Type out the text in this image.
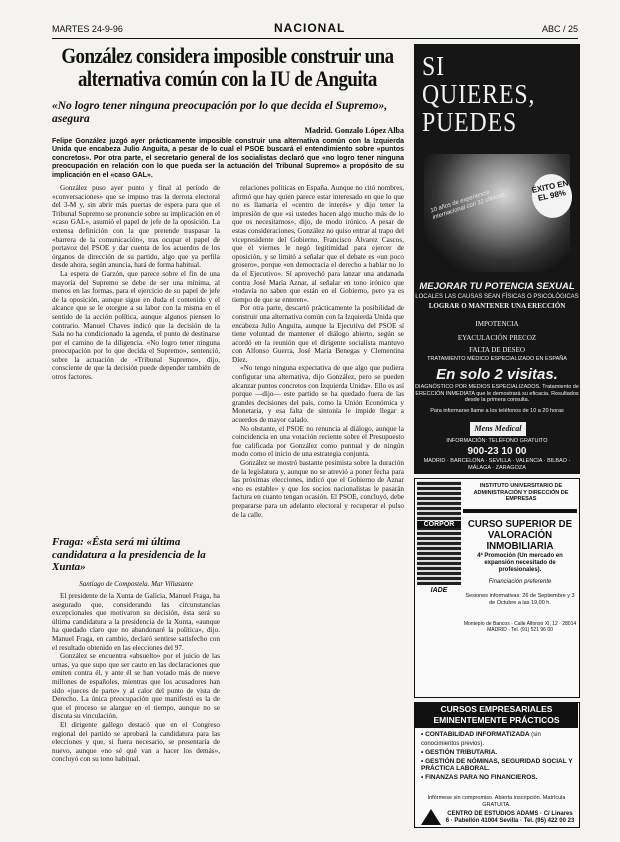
MARTES 24-9-96	NACIONAL	ABC / 25
González considera imposible construir una alternativa común con la IU de Anguita
«No logro tener ninguna preocupación por lo que decida el Supremo», asegura
Madrid. Gonzalo López Alba
Felipe González juzgó ayer prácticamente imposible construir una alternativa común con la Izquierda Unida que encabeza Julio Anguita, a pesar de lo cual el PSOE buscará el entendimiento sobre «puntos concretos». Por otra parte, el secretario general de los socialistas declaró que «no logro tener ninguna preocupación en relación con lo que pueda ser la actuación del Tribunal Supremo» a propósito de su implicación en el «caso GAL».

González puso ayer punto y final al período de «conversaciones» que se impuso tras la derrota electoral del 3-M y, sin abrir más puertas de espera para que el Tribunal Supremo se pronuncie sobre su implicación en el «caso GAL», asumió el papel de jefe de la oposición. La extensa definición con la que pretende traspasar la «barrera de la comunicación», tras ocupar el papel de portavoz del PSOE y dar cuenta de los acuerdos de los órganos de dirección de su partido, algo que ya perfila desde ahora, según anuncia, hará de forma habitual.

La espera de Garzón, que parece sobre el fin de una mayoría del Supremo se debe de ser una mínima, al menos en las formas, para el ejercicio de su papel de jefe de la oposición, aunque sigue en duda el contenido y el alcance que se le otorgue a su labor con la misma en el sentido de la acción política, aunque algunos piensen lo contrario. Manuel Chaves indicó que la decisión de la Sala no ha condicionado la agenda, el punto de destinarse por el camino de la diligencia. «No logro tener ninguna preocupación por lo que decida el Supremo», sentenció, sobre la actuación de «Tribunal Supremo», dijo, consciente de que la decisión puede depender también de otros factores.

Fraga: «Ésta será mi última candidatura a la presidencia de la Xunta»
Santiago de Compostela. Mar Villasante

El presidente de la Xunta de Galicia, Manuel Fraga, ha asegurado que, considerando las circunstancias excepcionales que motivaron su decisión, ésta será su última candidatura a la presidencia de la Xunta, «aunque ha quedado claro que no abandonaré la política», dijo. Manuel Fraga, en cambio, declaró sentirse satisfecho con el resultado obtenido en las elecciones del 97.

González se encuentra «absuelto» por el juicio de las urnas, ya que supo que ser cauto en las declaraciones que emiten contra él, y ante él se han votado más de nueve millones de españoles, mientras que los acusadores han sido «jueces de parte» y al calor del punto de vista de Derecho. La única preocupación que manifestó es la de que el proceso se alargue en el tiempo, aunque no se discuta su vinculación.

El dirigente gallego destacó que en el Congreso regional del partido se aprobará la candidatura para las elecciones y que, si fuera necesario, se presentaría de nuevo, aunque «no sé qué van a hacer los demás», concluyó con su tono habitual.

relaciones políticas en España. Aunque no citó nombres, afirmó que hay quien parece estar interesado en que lo que no es llamaría el «centro de interés» y dijo tener la impresión de que «si ustedes hacen algo mucho más de lo que os necesitamos», dijo, de modo irónico. A pesar de estas consideraciones, González no quiso entrar al trapo del vicepresidente del Gobierno, Francisco Álvarez Cascos, que el viernes le negó legitimidad para ejercer de oposición, y se limitó a señalar que el debate es «un poco grosero», porque «en democracia el derecho a hablar no lo da el Ejecutivo». Sí aprovechó para lanzar una andanada contra José María Aznar, al señalar en tono irónico que «todavía no saben que están en el Gobierno, pero ya es tiempo de que se enteren».

Por otra parte, descartó prácticamente la posibilidad de construir una alternativa común con la Izquierda Unida que encabeza Julio Anguita, aunque la Ejecutiva del PSOE sí tiene voluntad de mantener el diálogo abierto, según se acordó en la reunión que el dirigente socialista mantuvo con Alfonso Guerra, José María Benegas y Clementina Díez.

«No tengo ninguna expectativa de que algo que pudiera configurar una alternativa, dijo González, pero se pueden alcanzar puntos concretos con Izquierda Unida». Ello es así porque —dijo— este partido se ha quedado fuera de las grandes decisiones del país, como la Unión Económica y Monetaria, y esa falta de sintonía le impide llegar a acuerdos de mayor calado.

No obstante, el PSOE no renuncia al diálogo, aunque la coincidencia en una votación reciente sobre el Presupuesto fue calificada por González como puntual y de ningún modo como el inicio de una estrategia conjunta.

González se mostró bastante pesimista sobre la duración de la legislatura y, aunque no se atrevió a poner fecha para las próximas elecciones, indicó que el Gobierno de Aznar «no es estable» y que los socios nacionalistas le pasarán factura en cuanto tengan ocasión. El PSOE, concluyó, debe prepararse para un adelanto electoral y recuperar el pulso de la calle.

SI QUIERES,
PUEDES
10 años de experiencia internacional con 32 clínicas
ÉXITO EN EL 98%
MEJORAR TU POTENCIA SEXUAL
LOCALES LAS CAUSAS SEAN FÍSICAS O PSICOLÓGICAS
LOGRAR O MANTENER UNA ERECCIÓN
IMPOTENCIA
EYACULACIÓN PRECOZ
FALTA DE DESEO
TRATAMIENTO MÉDICO ESPECIALIZADO EN ESPAÑA
En solo 2 visitas.
DIAGNÓSTICO POR MEDIOS ESPECIALIZADOS. Tratamiento de ERECCIÓN INMEDIATA que le demostrará su eficacia. Resultados desde la primera consulta.
Para informarse llame a los teléfonos de 10 a 20 horas
Mens Medical
INFORMACIÓN: TELÉFONO GRATUITO
900-23 10 00
MADRID · BARCELONA · SEVILLA · VALENCIA · BILBAO · MÁLAGA · ZARAGOZA
CORPOR
INSTITUTO UNIVERSITARIO DE ADMINISTRACIÓN Y DIRECCIÓN DE EMPRESAS
IADE
CURSO SUPERIOR DE VALORACIÓN INMOBILIARIA
4ª Promoción (Un mercado en expansión necesitado de profesionales).
Financiación preferente
Sesiones informativas: 26 de Septiembre y 3 de Octubre a las 19,00 h.
Montepío de Bancos · Calle Alfonso XI, 12 · 28014 MADRID · Tel. (91) 521 96 00
CURSOS EMPRESARIALES EMINENTEMENTE PRÁCTICOS
• CONTABILIDAD INFORMATIZADA (sin conocimientos previos).
• GESTIÓN TRIBUTARIA.
• GESTIÓN DE NÓMINAS, SEGURIDAD SOCIAL Y PRÁCTICA LABORAL.
• FINANZAS PARA NO FINANCIEROS.
Infórmese sin compromiso. Abierta inscripción. Matrícula GRATUITA.
CENTRO DE ESTUDIOS ADAMS · C/ Linares 6 · Pabellón 41004 Sevilla · Tel. (95) 422 00 23
